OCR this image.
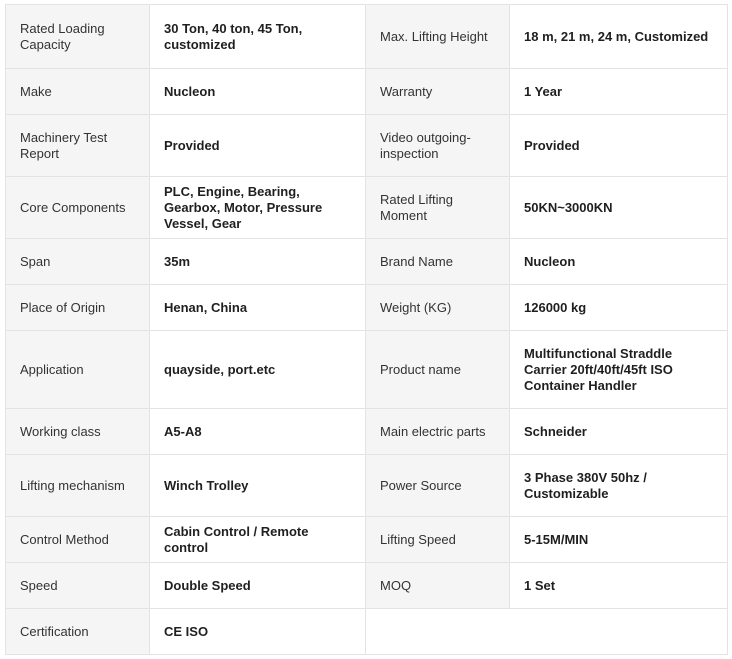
Rated Loading Capacity	30 Ton, 40 ton, 45 Ton, customized	Max. Lifting Height	18 m, 21 m, 24 m, Customized
Make	Nucleon	Warranty	1 Year
Machinery Test Report	Provided	Video outgoing-inspection	Provided
Core Components	PLC, Engine, Bearing, Gearbox, Motor, Pressure Vessel, Gear	Rated Lifting Moment	50KN~3000KN
Span	35m	Brand Name	Nucleon
Place of Origin	Henan, China	Weight (KG)	126000 kg
Application	quayside, port.etc	Product name	Multifunctional Straddle Carrier 20ft/40ft/45ft ISO Container Handler
Working class	A5-A8	Main electric parts	Schneider
Lifting mechanism	Winch Trolley	Power Source	3 Phase 380V 50hz / Customizable
Control Method	Cabin Control / Remote control	Lifting Speed	5-15M/MIN
Speed	Double Speed	MOQ	1 Set
Certification	CE ISO		
